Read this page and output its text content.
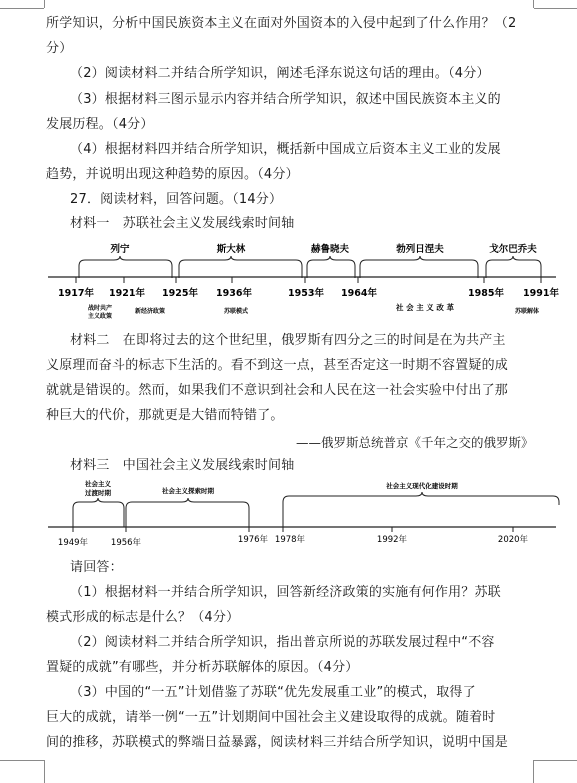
所学知识，分析中国民族资本主义在面对外国资本的入侵中起到了什么作用？（2
分）
（2）阅读材料二并结合所学知识，阐述毛泽东说这句话的理由。（4分）
（3）根据材料三图示显示内容并结合所学知识，叙述中国民族资本主义的
发展历程。（4分）
（4）根据材料四并结合所学知识，概括新中国成立后资本主义工业的发展
趋势，并说明出现这种趋势的原因。（4分）
27．阅读材料，回答问题。（14分）
材料一　苏联社会主义发展线索时间轴
列宁	斯大林	赫鲁晓夫	勃列日涅夫	戈尔巴乔夫
1917年 1921年 1925年 1936年	1953年 1964年	1985年 1991年
战时共产
主义政策
新经济政策	苏联模式	社 会 主 义 改 革	苏联解体
材料二　在即将过去的这个世纪里，俄罗斯有四分之三的时间是在为共产主
义原理而奋斗的标志下生活的。看不到这一点，甚至否定这一时期不容置疑的成
就就是错误的。然而，如果我们不意识到社会和人民在这一社会实验中付出了那
种巨大的代价，那就更是大错而特错了。
——俄罗斯总统普京《千年之交的俄罗斯》
材料三　中国社会主义发展线索时间轴
社会主义
过渡时期	社会主义探索时期
社会主义现代化建设时期
1949年	1956年	1976年 1978年	1992年	2020年
请回答：
（1）根据材料一并结合所学知识，回答新经济政策的实施有何作用？苏联
模式形成的标志是什么？（4分）
（2）阅读材料二并结合所学知识，指出普京所说的苏联发展过程中“不容
置疑的成就”有哪些，并分析苏联解体的原因。（4分）
（3）中国的“一五”计划借鉴了苏联“优先发展重工业”的模式，取得了
巨大的成就，请举一例“一五”计划期间中国社会主义建设取得的成就。随着时
间的推移，苏联模式的弊端日益暴露，阅读材料三并结合所学知识，说明中国是
